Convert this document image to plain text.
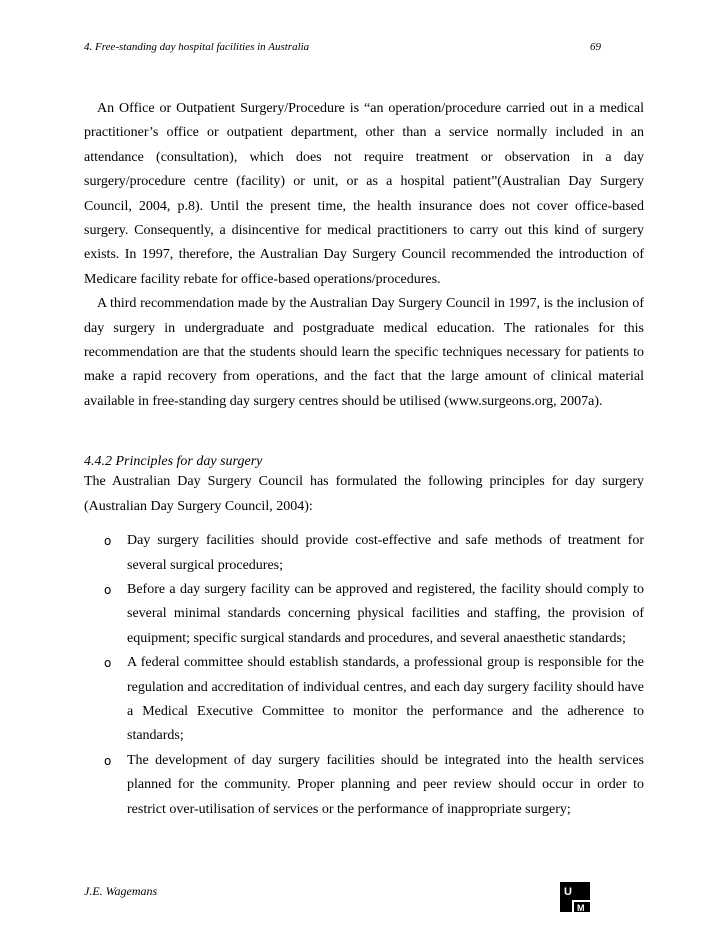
4. Free-standing day hospital facilities in Australia	69

An Office or Outpatient Surgery/Procedure is “an operation/procedure carried out in a medical practitioner’s office or outpatient department, other than a service normally included in an attendance (consultation), which does not require treatment or observation in a day surgery/procedure centre (facility) or unit, or as a hospital patient”(Australian Day Surgery Council, 2004, p.8). Until the present time, the health insurance does not cover office-based surgery. Consequently, a disincentive for medical practitioners to carry out this kind of surgery exists. In 1997, therefore, the Australian Day Surgery Council recommended the introduction of Medicare facility rebate for office-based operations/procedures.

A third recommendation made by the Australian Day Surgery Council in 1997, is the inclusion of day surgery in undergraduate and postgraduate medical education. The rationales for this recommendation are that the students should learn the specific techniques necessary for patients to make a rapid recovery from operations, and the fact that the large amount of clinical material available in free-standing day surgery centres should be utilised (www.surgeons.org, 2007a).

4.4.2 Principles for day surgery

The Australian Day Surgery Council has formulated the following principles for day surgery (Australian Day Surgery Council, 2004):

o Day surgery facilities should provide cost-effective and safe methods of treatment for several surgical procedures;
o Before a day surgery facility can be approved and registered, the facility should comply to several minimal standards concerning physical facilities and staffing, the provision of equipment; specific surgical standards and procedures, and several anaesthetic standards;
o A federal committee should establish standards, a professional group is responsible for the regulation and accreditation of individual centres, and each day surgery facility should have a Medical Executive Committee to monitor the performance and the adherence to standards;
o The development of day surgery facilities should be integrated into the health services planned for the community. Proper planning and peer review should occur in order to restrict over-utilisation of services or the performance of inappropriate surgery;
J.E. Wagemans	U
M
